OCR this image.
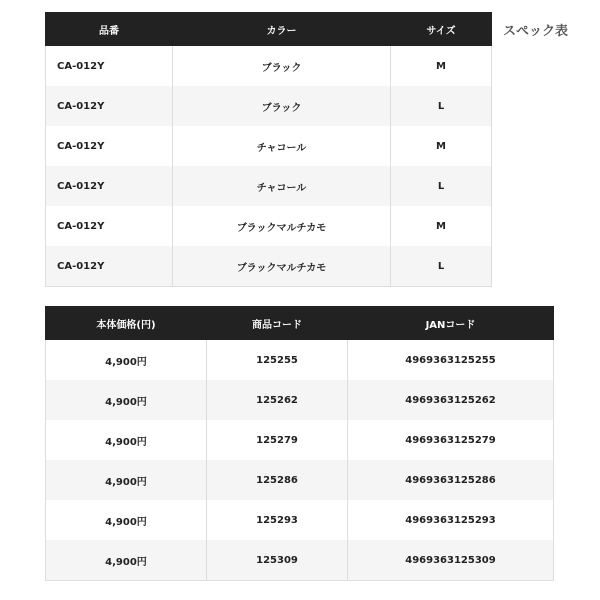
スペック表
品番	カラー	サイズ
CA-012Y	ブラック	M
CA-012Y	ブラック	L
CA-012Y	チャコール	M
CA-012Y	チャコール	L
CA-012Y	ブラックマルチカモ	M
CA-012Y	ブラックマルチカモ	L
本体価格(円)	商品コード	JANコード
4,900円	125255	4969363125255
4,900円	125262	4969363125262
4,900円	125279	4969363125279
4,900円	125286	4969363125286
4,900円	125293	4969363125293
4,900円	125309	4969363125309
